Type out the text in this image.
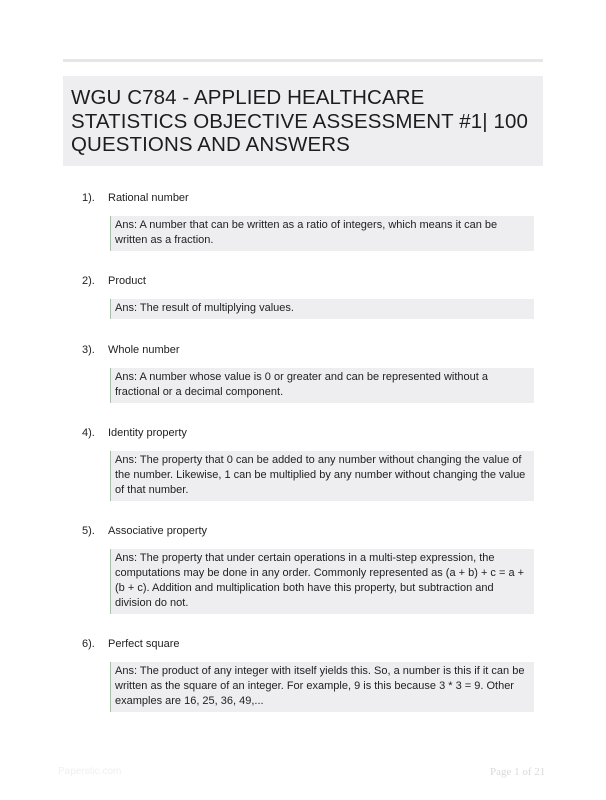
WGU C784 - APPLIED HEALTHCARE STATISTICS OBJECTIVE ASSESSMENT #1| 100 QUESTIONS AND ANSWERS
1). Rational number
Ans: A number that can be written as a ratio of integers, which means it can be written as a fraction.
2). Product
Ans: The result of multiplying values.
3). Whole number
Ans: A number whose value is 0 or greater and can be represented without a fractional or a decimal component.
4). Identity property
Ans: The property that 0 can be added to any number without changing the value of the number. Likewise, 1 can be multiplied by any number without changing the value of that number.
5). Associative property
Ans: The property that under certain operations in a multi-step expression, the computations may be done in any order. Commonly represented as (a + b) + c = a + (b + c). Addition and multiplication both have this property, but subtraction and division do not.
6). Perfect square
Ans: The product of any integer with itself yields this. So, a number is this if it can be written as the square of an integer. For example, 9 is this because 3 * 3 = 9. Other examples are 16, 25, 36, 49,...
Paperstic.com	Page 1 of 21
